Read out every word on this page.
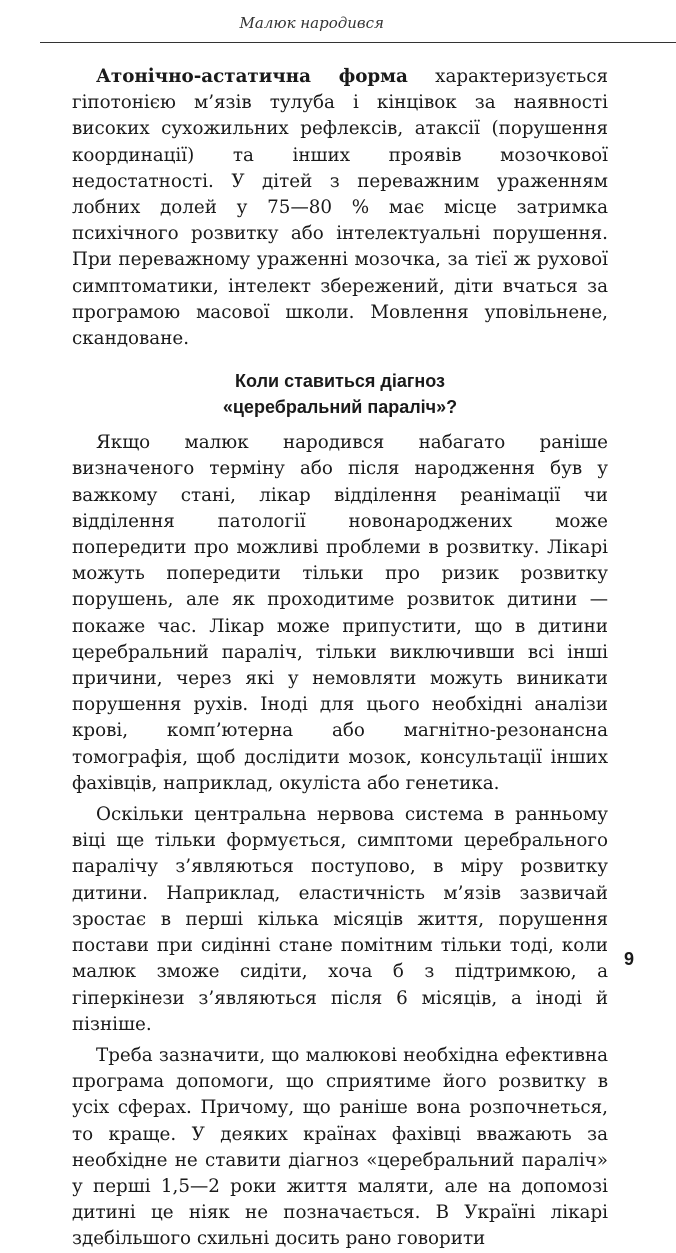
Малюк народився

Атонічно-астатична форма характеризується гіпотонією м’язів тулуба і кінцівок за наявності високих сухожильних рефлексів, атаксії (порушення координації) та інших проявів мозочкової недостатності. У дітей з переважним ураженням лобних долей у 75—80 % має місце затримка психічного розвитку або інтелектуальні порушення. При переважному ураженні мозочка, за тієї ж рухової симптоматики, інтелект збережений, діти вчаться за програмою масової школи. Мовлення уповільнене, скандоване.

Коли ставиться діагноз
«церебральний параліч»?

Якщо малюк народився набагато раніше визначеного терміну або після народження був у важкому стані, лікар відділення реанімації чи відділення патології новонароджених може попередити про можливі проблеми в розвитку. Лікарі можуть попередити тільки про ризик розвитку порушень, але як проходитиме розвиток дитини — покаже час. Лікар може припустити, що в дитини церебральний параліч, тільки виключивши всі інші причини, через які у немовляти можуть виникати порушення рухів. Іноді для цього необхідні аналізи крові, комп’ютерна або магнітно-резонансна томографія, щоб дослідити мозок, консультації інших фахівців, наприклад, окуліста або генетика.

Оскільки центральна нервова система в ранньому віці ще тільки формується, симптоми церебрального паралічу з’являються поступово, в міру розвитку дитини. Наприклад, еластичність м’язів зазвичай зростає в перші кілька місяців життя, порушення постави при сидінні стане помітним тільки тоді, коли малюк зможе сидіти, хоча б з підтримкою, а гіперкінези з’являються після 6 місяців, а іноді й пізніше.

Треба зазначити, що малюкові необхідна ефективна програма допомоги, що сприятиме його розвитку в усіх сферах. Причому, що раніше вона розпочнеться, то краще. У деяких країнах фахівці вважають за необхідне не ставити діагноз «церебральний параліч» у перші 1,5—2 роки життя маляти, але на допомозі дитині це ніяк не позначається. В Україні лікарі здебільшого схильні досить рано говорити

9
